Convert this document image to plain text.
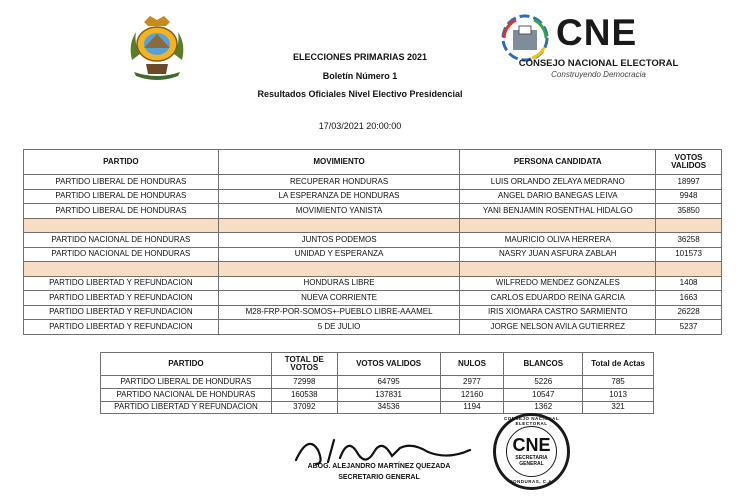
CNE
CONSEJO NACIONAL ELECTORAL
Construyendo Democracia
ELECCIONES PRIMARIAS 2021
Boletín Número 1
Resultados Oficiales Nivel Electivo Presidencial
17/03/2021 20:00:00
PARTIDO	MOVIMIENTO	PERSONA CANDIDATA	VOTOS VALIDOS
PARTIDO LIBERAL DE HONDURAS	RECUPERAR HONDURAS	LUIS ORLANDO ZELAYA MEDRANO	18997
PARTIDO LIBERAL DE HONDURAS	LA ESPERANZA DE HONDURAS	ANGEL DARIO BANEGAS LEIVA	9948
PARTIDO LIBERAL DE HONDURAS	MOVIMIENTO YANISTA	YANI BENJAMIN ROSENTHAL HIDALGO	35850

PARTIDO NACIONAL DE HONDURAS	JUNTOS PODEMOS	MAURICIO OLIVA HERRERA	36258
PARTIDO NACIONAL DE HONDURAS	UNIDAD Y ESPERANZA	NASRY JUAN ASFURA ZABLAH	101573

PARTIDO LIBERTAD Y REFUNDACION	HONDURAS LIBRE	WILFREDO MENDEZ GONZALES	1408
PARTIDO LIBERTAD Y REFUNDACION	NUEVA CORRIENTE	CARLOS EDUARDO REINA GARCIA	1663
PARTIDO LIBERTAD Y REFUNDACION	M28-FRP-POR-SOMOS+-PUEBLO LIBRE-AAAMEL	IRIS XIOMARA CASTRO SARMIENTO	26228
PARTIDO LIBERTAD Y REFUNDACION	5 DE JULIO	JORGE NELSON AVILA GUTIERREZ	5237
PARTIDO	TOTAL DE VOTOS	VOTOS VALIDOS	NULOS	BLANCOS	Total de Actas
PARTIDO LIBERAL DE HONDURAS	72998	64795	2977	5226	785
PARTIDO NACIONAL DE HONDURAS	160538	137831	12160	10547	1013
PARTIDO LIBERTAD Y REFUNDACION	37092	34536	1194	1362	321
ABOG. ALEJANDRO MARTÍNEZ QUEZADA
SECRETARIO GENERAL
CONSEJO NACIONAL ELECTORAL
CNE
SECRETARIA
GENERAL
HONDURAS, C.A.
